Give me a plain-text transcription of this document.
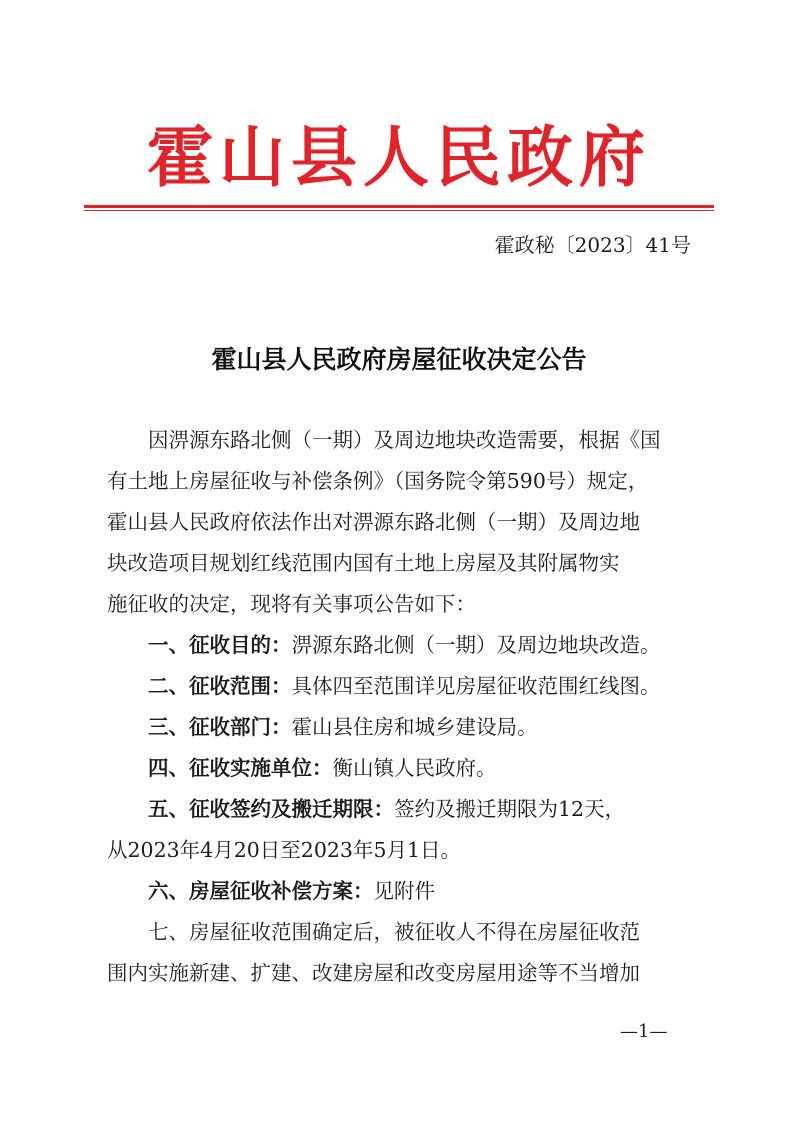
霍山县人民政府
霍政秘〔2023〕41号
霍山县人民政府房屋征收决定公告

因淠源东路北侧（一期）及周边地块改造需要，根据《国

有土地上房屋征收与补偿条例》（国务院令第590号）规定，

霍山县人民政府依法作出对淠源东路北侧（一期）及周边地

块改造项目规划红线范围内国有土地上房屋及其附属物实

施征收的决定，现将有关事项公告如下：

一、征收目的：淠源东路北侧（一期）及周边地块改造。

二、征收范围：具体四至范围详见房屋征收范围红线图。

三、征收部门：霍山县住房和城乡建设局。

四、征收实施单位：衡山镇人民政府。

五、征收签约及搬迁期限：签约及搬迁期限为12天，

从2023年4月20日至2023年5月1日。

六、房屋征收补偿方案：见附件

七、房屋征收范围确定后，被征收人不得在房屋征收范

围内实施新建、扩建、改建房屋和改变房屋用途等不当增加

—1—
